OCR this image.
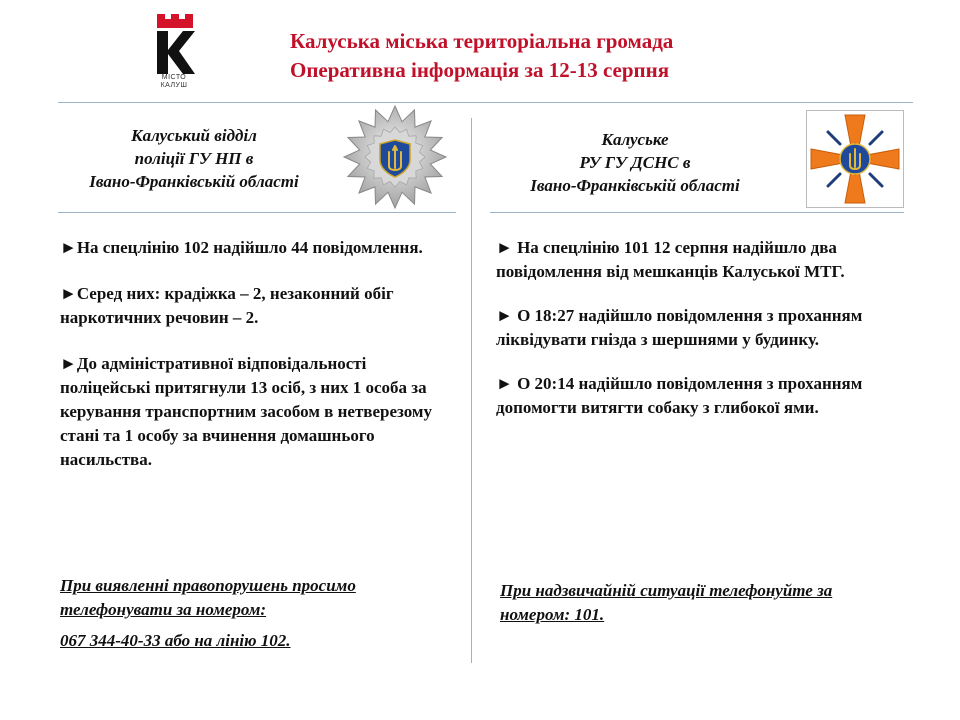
МІСТО КАЛУШ
Калуська міська територіальна громада
Оперативна інформація за 12-13 серпня
Калуський відділ
поліції ГУ НП в
Івано-Франківській області

►На спецлінію 102 надійшло 44 повідомлення.

►Серед них: крадіжка – 2, незаконний обіг наркотичних речовин – 2.

►До адміністративної відповідальності поліцейські притягнули 13 осіб, з них 1 особа за керування транспортним засобом в нетверезому стані та 1 особу за вчинення домашнього насильства.

При виявленні правопорушень просимо телефонувати за номером:

067 344-40-33 або на лінію 102.

Калуське
РУ ГУ ДСНС в
Івано-Франківській області

► На спецлінію 101 12 серпня надійшло два повідомлення від мешканців Калуської МТГ.

► О 18:27 надійшло повідомлення з проханням ліквідувати гнізда з шершнями у будинку.

► О 20:14 надійшло повідомлення з проханням допомогти витягти собаку з глибокої ями.

При надзвичайній ситуації телефонуйте за номером: 101.
